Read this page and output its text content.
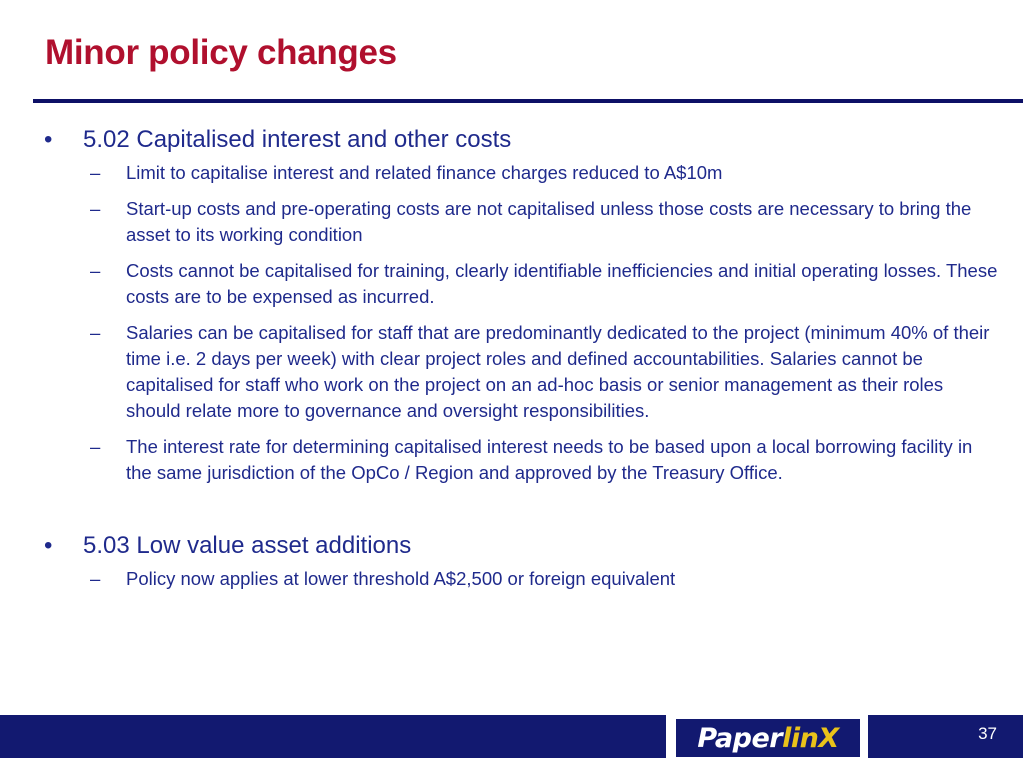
Minor policy changes
•	5.02 Capitalised interest and other costs
–	Limit to capitalise interest and related finance charges reduced to A$10m
–	Start-up costs and pre-operating costs are not capitalised unless those costs are necessary to bring the asset to its working condition
–	Costs cannot be capitalised for training, clearly identifiable inefficiencies and initial operating losses. These costs are to be expensed as incurred.
–	Salaries can be capitalised for staff that are predominantly dedicated to the project (minimum 40% of their time i.e. 2 days per week) with clear project roles and defined accountabilities. Salaries cannot be capitalised for staff who work on the project on an ad-hoc basis or senior management as their roles should relate more to governance and oversight responsibilities.
–	The interest rate for determining capitalised interest needs to be based upon a local borrowing facility in the same jurisdiction of the OpCo / Region and approved by the Treasury Office.
•	5.03 Low value asset additions
–	Policy now applies at lower threshold A$2,500 or foreign equivalent
Paper linX	37
